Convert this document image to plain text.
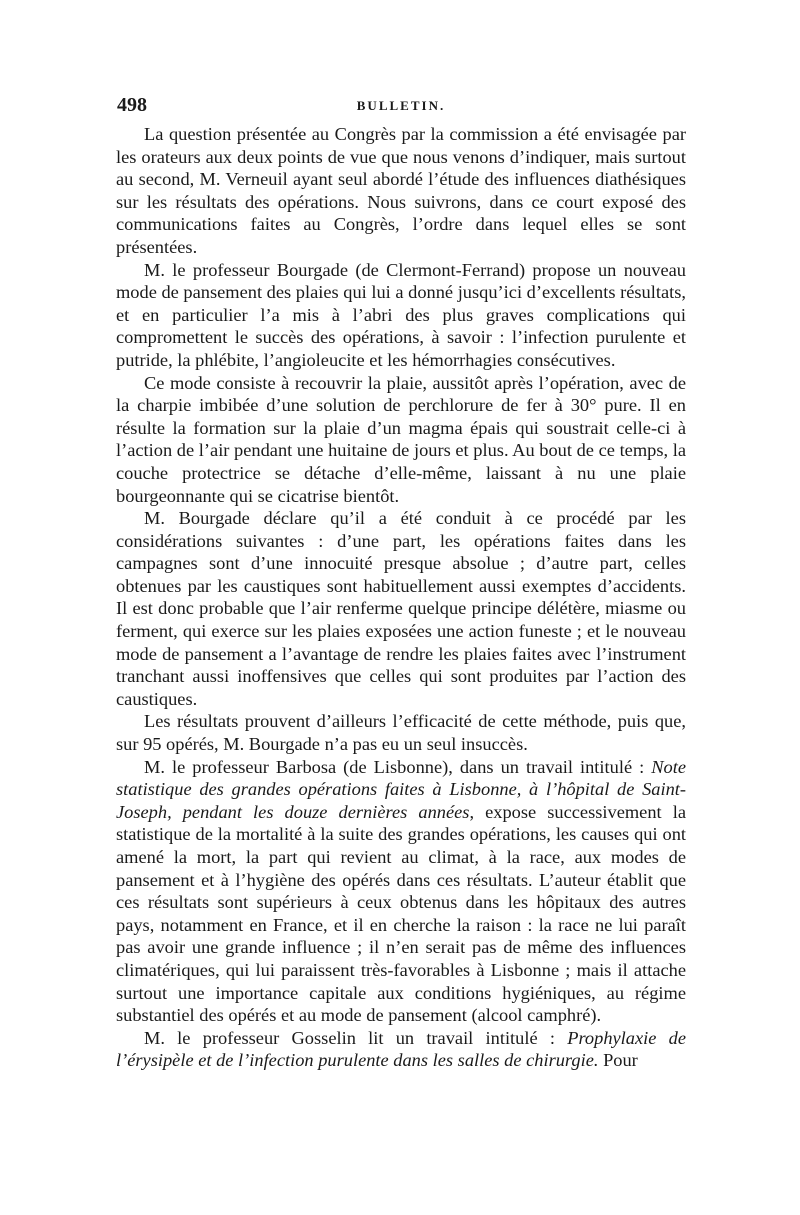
498	BULLETIN.

La question présentée au Congrès par la commission a été envisagée par les orateurs aux deux points de vue que nous venons d’indiquer, mais surtout au second, M. Verneuil ayant seul abordé l’étude des influences diathésiques sur les résultats des opérations. Nous suivrons, dans ce court exposé des communications faites au Congrès, l’ordre dans lequel elles se sont présentées.

M. le professeur Bourgade (de Clermont-Ferrand) propose un nouveau mode de pansement des plaies qui lui a donné jusqu’ici d’excellents résultats, et en particulier l’a mis à l’abri des plus graves complications qui compromettent le succès des opérations, à savoir : l’infection purulente et putride, la phlébite, l’angioleucite et les hémorrhagies consécutives.

Ce mode consiste à recouvrir la plaie, aussitôt après l’opération, avec de la charpie imbibée d’une solution de perchlorure de fer à 30° pure. Il en résulte la formation sur la plaie d’un magma épais qui soustrait celle-ci à l’action de l’air pendant une huitaine de jours et plus. Au bout de ce temps, la couche protectrice se détache d’elle-même, laissant à nu une plaie bourgeonnante qui se cicatrise bientôt.

M. Bourgade déclare qu’il a été conduit à ce procédé par les considérations suivantes : d’une part, les opérations faites dans les campagnes sont d’une innocuité presque absolue ; d’autre part, celles obtenues par les caustiques sont habituellement aussi exemptes d’accidents. Il est donc probable que l’air renferme quelque principe délétère, miasme ou ferment, qui exerce sur les plaies exposées une action funeste ; et le nouveau mode de pansement a l’avantage de rendre les plaies faites avec l’instrument tranchant aussi inoffensives que celles qui sont produites par l’action des caustiques.

Les résultats prouvent d’ailleurs l’efficacité de cette méthode, puis que, sur 95 opérés, M. Bourgade n’a pas eu un seul insuccès.

M. le professeur Barbosa (de Lisbonne), dans un travail intitulé : Note statistique des grandes opérations faites à Lisbonne, à l’hôpital de Saint-Joseph, pendant les douze dernières années, expose successivement la statistique de la mortalité à la suite des grandes opérations, les causes qui ont amené la mort, la part qui revient au climat, à la race, aux modes de pansement et à l’hygiène des opérés dans ces résultats. L’auteur établit que ces résultats sont supérieurs à ceux obtenus dans les hôpitaux des autres pays, notamment en France, et il en cherche la raison : la race ne lui paraît pas avoir une grande influence ; il n’en serait pas de même des influences climatériques, qui lui paraissent très-favorables à Lisbonne ; mais il attache surtout une importance capitale aux conditions hygiéniques, au régime substantiel des opérés et au mode de pansement (alcool camphré).

M. le professeur Gosselin lit un travail intitulé : Prophylaxie de l’érysipèle et de l’infection purulente dans les salles de chirurgie. Pour
